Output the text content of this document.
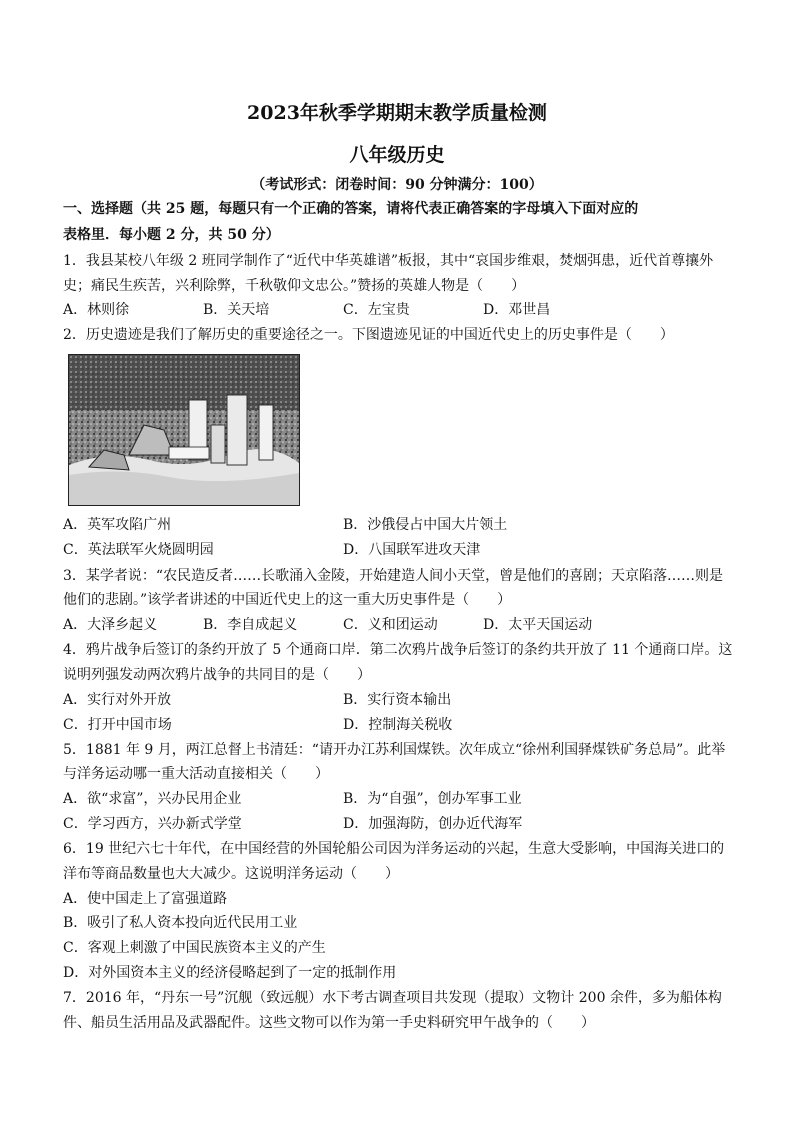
2023年秋季学期期末教学质量检测
八年级历史
（考试形式：闭卷时间：90 分钟满分：100）
一、选择题（共 25 题，每题只有一个正确的答案，请将代表正确答案的字母填入下面对应的
表格里．每小题 2 分，共 50 分）
1．我县某校八年级 2 班同学制作了“近代中华英雄谱”板报，其中“哀国步维艰，焚烟弭患，近代首尊攘外
史；痛民生疾苦，兴利除弊，千秋敬仰文忠公。”赞扬的英雄人物是（　　）
A．林则徐	B．关天培	C．左宝贵	D．邓世昌
2．历史遗迹是我们了解历史的重要途径之一。下图遗迹见证的中国近代史上的历史事件是（　　）
A．英军攻陷广州	B．沙俄侵占中国大片领土
C．英法联军火烧圆明园	D．八国联军进攻天津
3．某学者说：“农民造反者……长歌涌入金陵，开始建造人间小天堂，曾是他们的喜剧；天京陷落……则是
他们的悲剧。”该学者讲述的中国近代史上的这一重大历史事件是（　　）
A．大泽乡起义	B．李自成起义	C．义和团运动	D．太平天国运动
4．鸦片战争后签订的条约开放了 5 个通商口岸．第二次鸦片战争后签订的条约共开放了 11 个通商口岸。这
说明列强发动两次鸦片战争的共同目的是（　　）
A．实行对外开放	B．实行资本输出
C．打开中国市场	D．控制海关税收
5．1881 年 9 月，两江总督上书清廷：“请开办江苏利国煤铁。次年成立“徐州利国驿煤铁矿务总局”。此举
与洋务运动哪一重大活动直接相关（　　）
A．欲“求富”，兴办民用企业	B．为“自强”，创办军事工业
C．学习西方，兴办新式学堂	D．加强海防，创办近代海军
6．19 世纪六七十年代，在中国经营的外国轮船公司因为洋务运动的兴起，生意大受影响，中国海关进口的
洋布等商品数量也大大减少。这说明洋务运动（　　）
A．使中国走上了富强道路
B．吸引了私人资本投向近代民用工业
C．客观上刺激了中国民族资本主义的产生
D．对外国资本主义的经济侵略起到了一定的抵制作用
7．2016 年，“丹东一号”沉舰（致远舰）水下考古调查项目共发现（提取）文物计 200 余件，多为船体构
件、船员生活用品及武器配件。这些文物可以作为第一手史料研究甲午战争的（　　）
